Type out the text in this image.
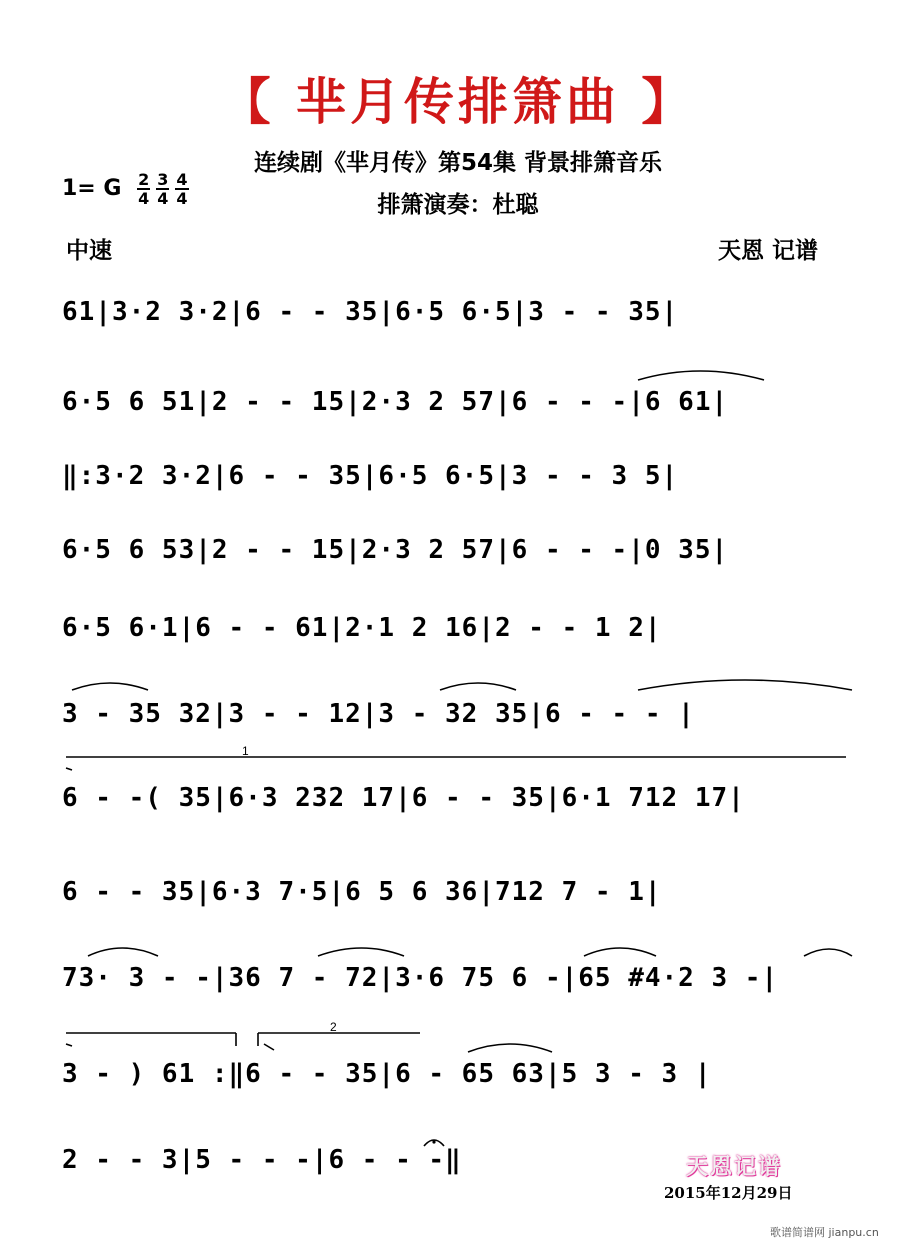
【 芈月传排箫曲 】
连续剧《芈月传》第54集 背景排箫音乐
排箫演奏：杜聪
1= G 2
4
3
4
4
4
中速	天恩 记谱
61|3·2 3·2|6 - - 35|6·5 6·5|3 - - 35|
6·5 6 51|2 - - 15|2·3 2 57|6 - - -|6 61|
‖:3·2 3·2|6 - - 35|6·5 6·5|3 - - 3 5|
6·5 6 53|2 - - 15|2·3 2 57|6 - - -|0 35|
6·5 6·1|6 - - 61|2·1 2 16|2 - - 1 2|
3 - 35 32|3 - - 12|3 - 32 35|6 - - - |
6 - -( 35|6·3 232 17|6 - - 35|6·1 712 17|
6 - - 35|6·3 7·5|6 5 6 36|712 7 - 1|
73· 3 - -|36 7 - 72|3·6 75 6 -|65 #4·2 3 -|
3 - ) 61 :‖6 - - 35|6 - 65 63|5 3 - 3 |
2 - - 3|5 - - -|6 - - -‖
1
2
天恩记谱
2015年12月29日
歌谱简谱网 jianpu.cn
